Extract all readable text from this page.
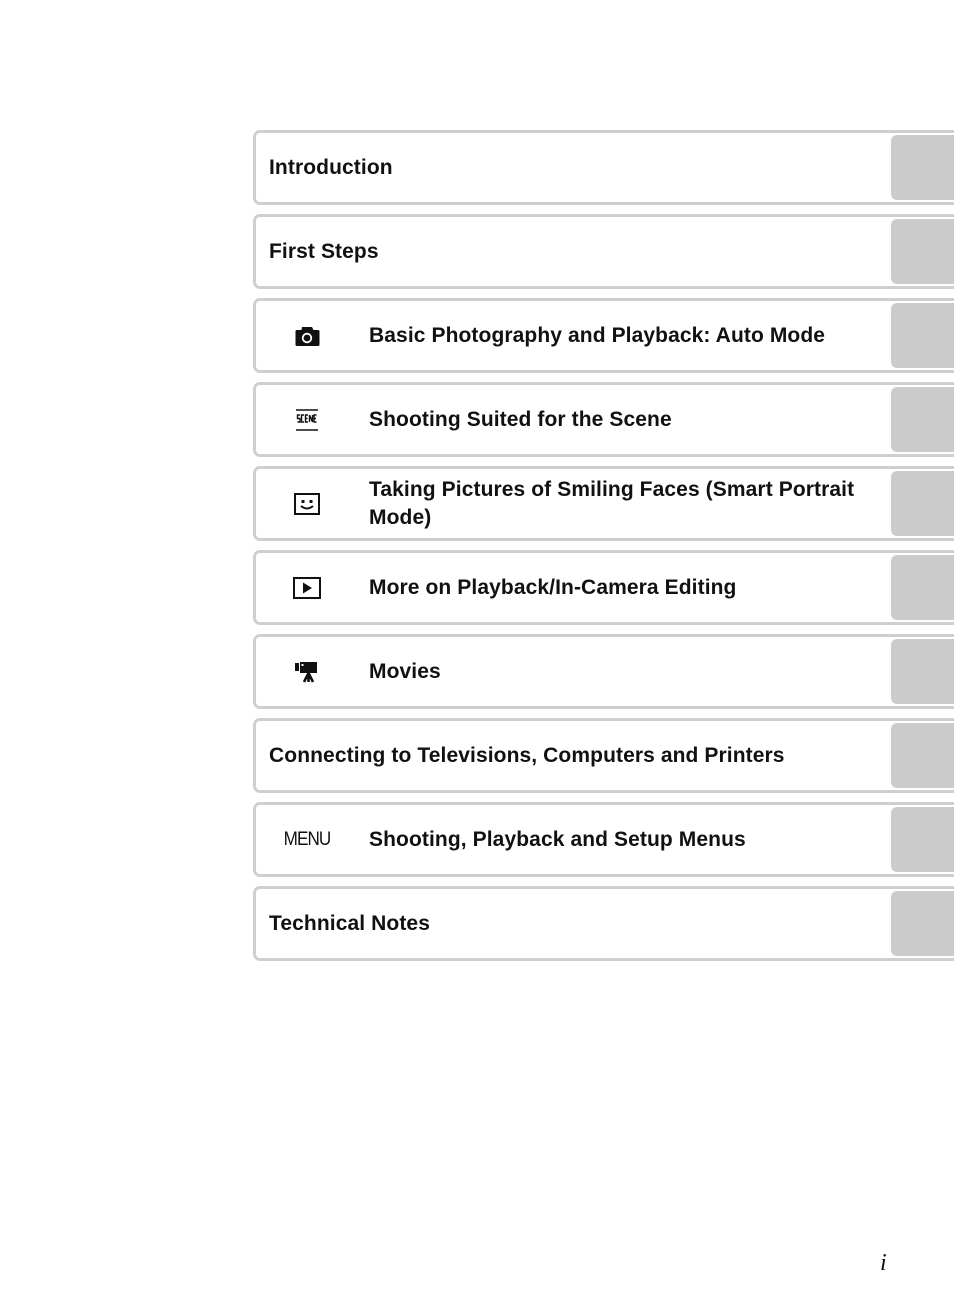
Introduction
First Steps
Basic Photography and Playback: Auto Mode
Shooting Suited for the Scene
Taking Pictures of Smiling Faces (Smart Portrait Mode)
More on Playback/In-Camera Editing
Movies
Connecting to Televisions, Computers and Printers
MENU Shooting, Playback and Setup Menus
Technical Notes
i
